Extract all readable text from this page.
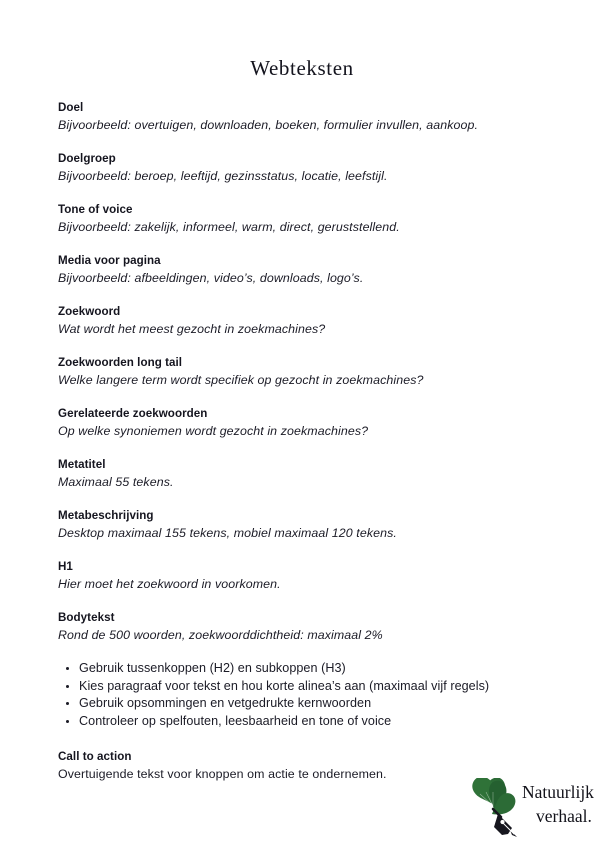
Webteksten
Doel
Bijvoorbeeld: overtuigen, downloaden, boeken, formulier invullen, aankoop.
Doelgroep
Bijvoorbeeld: beroep, leeftijd, gezinsstatus, locatie, leefstijl.
Tone of voice
Bijvoorbeeld: zakelijk, informeel, warm, direct, geruststellend.
Media voor pagina
Bijvoorbeeld: afbeeldingen, video’s, downloads, logo’s.
Zoekwoord
Wat wordt het meest gezocht in zoekmachines?
Zoekwoorden long tail
Welke langere term wordt specifiek op gezocht in zoekmachines?
Gerelateerde zoekwoorden
Op welke synoniemen wordt gezocht in zoekmachines?
Metatitel
Maximaal 55 tekens.
Metabeschrijving
Desktop maximaal 155 tekens, mobiel maximaal 120 tekens.
H1
Hier moet het zoekwoord in voorkomen.
Bodytekst
Rond de 500 woorden, zoekwoorddichtheid: maximaal 2%
Gebruik tussenkoppen (H2) en subkoppen (H3)
Kies paragraaf voor tekst en hou korte alinea’s aan (maximaal vijf regels)
Gebruik opsommingen en vetgedrukte kernwoorden
Controleer op spelfouten, leesbaarheid en tone of voice
Call to action
Overtuigende tekst voor knoppen om actie te ondernemen.
Natuurlijk
verhaal.
